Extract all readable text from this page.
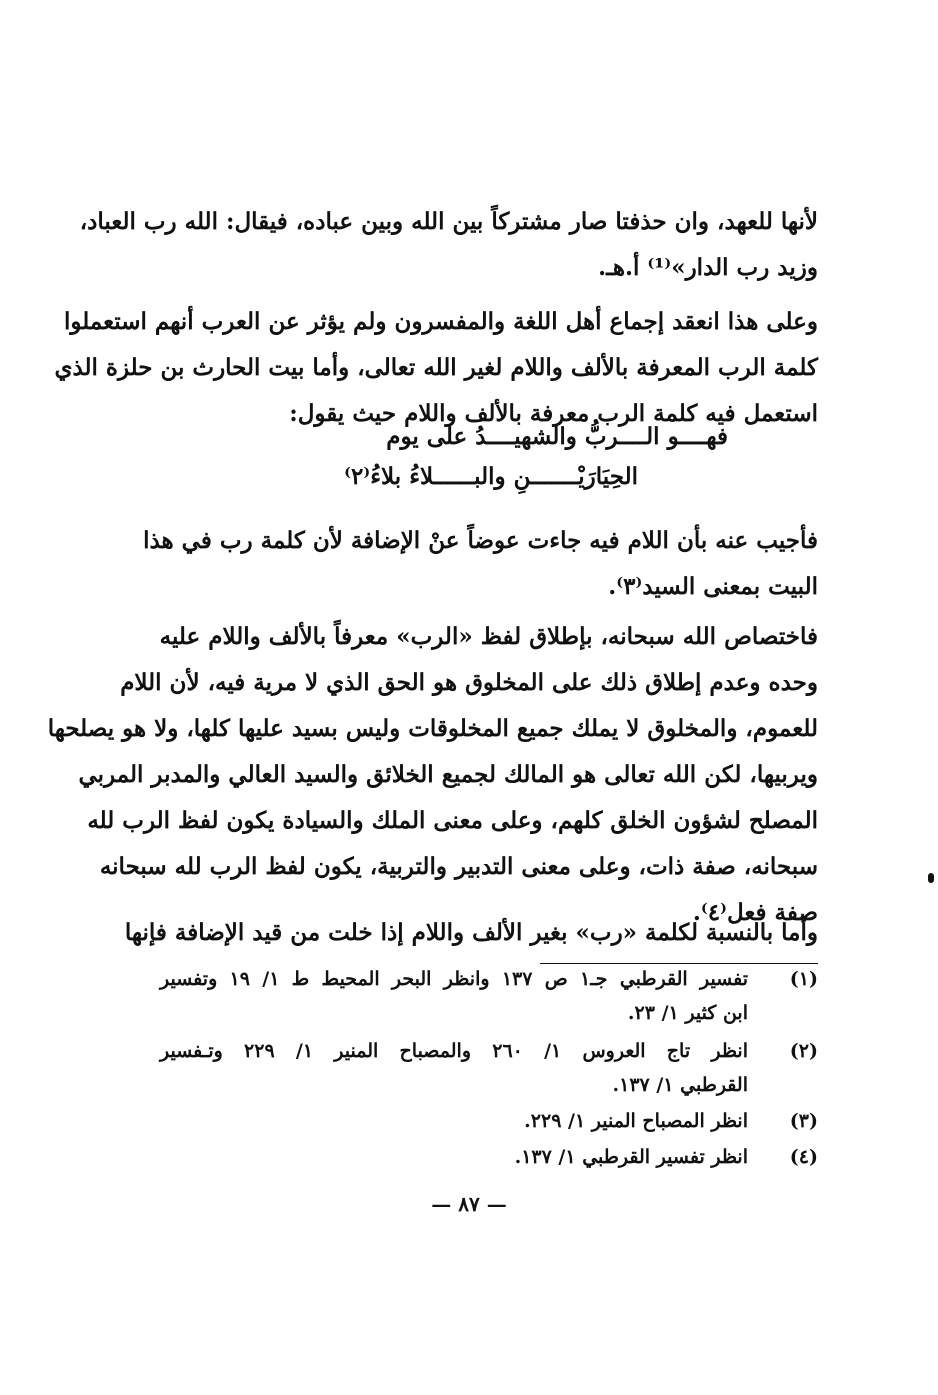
لأنها للعهد، وان حذفتا صار مشتركاً بين الله وبين عباده، فيقال: الله رب العباد،
وزيد رب الدار»⁽¹⁾ أ.هـ.
وعلى هذا انعقد إجماع أهل اللغة والمفسرون ولم يؤثر عن العرب أنهم استعملوا
كلمة الرب المعرفة بالألف واللام لغير الله تعالى، وأما بيت الحارث بن حلزة الذي
استعمل فيه كلمة الرب معرفة بالألف واللام حيث يقول:
فهــــو الــــربُّ والشهيــــدُ على يوم
الحِيَارَيْـــــــنِ والبــــــلاءُ بلاءُ⁽٢⁾
فأجيب عنه بأن اللام فيه جاءت عوضاً عنْ الإضافة لأن كلمة رب في هذا
البيت بمعنى السيد⁽٣⁾.
فاختصاص الله سبحانه، بإطلاق لفظ «الرب» معرفاً بالألف واللام عليه
وحده وعدم إطلاق ذلك على المخلوق هو الحق الذي لا مرية فيه، لأن اللام
للعموم، والمخلوق لا يملك جميع المخلوقات وليس بسيد عليها كلها، ولا هو يصلحها
ويربيها، لكن الله تعالى هو المالك لجميع الخلائق والسيد العالي والمدبر المربي
المصلح لشؤون الخلق كلهم، وعلى معنى الملك والسيادة يكون لفظ الرب لله
سبحانه، صفة ذات، وعلى معنى التدبير والتربية، يكون لفظ الرب لله سبحانه
صفة فعل⁽٤⁾.
وأما بالنسبة لكلمة «رب» بغير الألف واللام إذا خلت من قيد الإضافة فإنها
(١)
تفسير القرطبي جـ١ ص ١٣٧ وانظر البحر المحيط ط ١/ ١٩ وتفسير
ابن كثير ١/ ٢٣.
(٢)
انظر تاج العروس ١/ ٢٦٠ والمصباح المنير ١/ ٢٢٩ وتـفسير
القرطبي ١/ ١٣٧.
(٣)
انظر المصباح المنير ١/ ٢٢٩.
(٤)
انظر تفسير القرطبي ١/ ١٣٧.
— ٨٧ —
